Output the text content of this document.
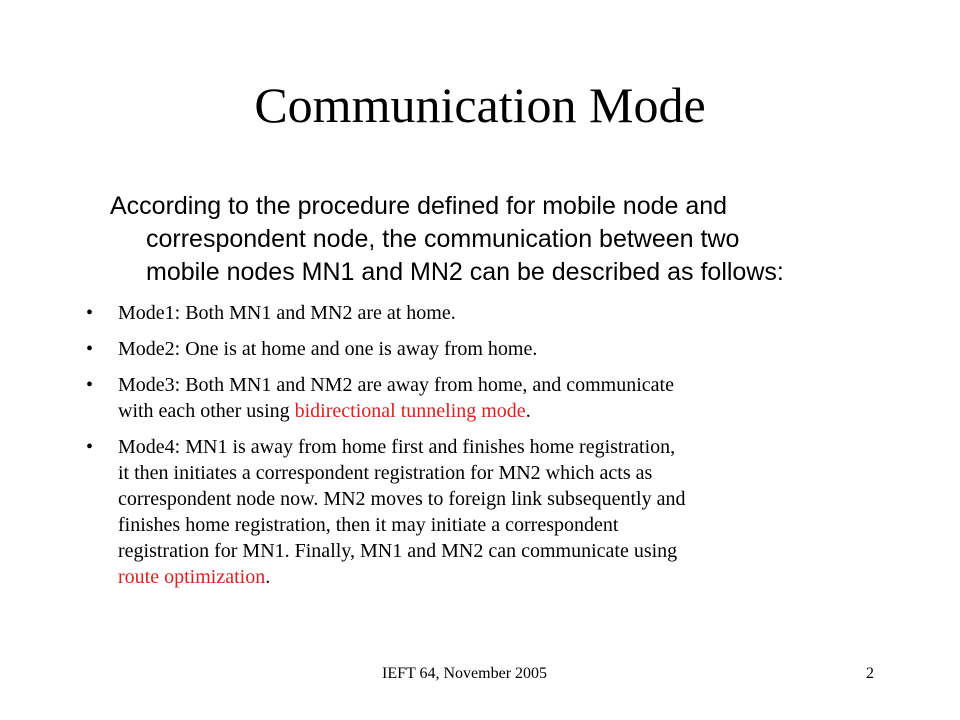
Communication Mode
According to the procedure defined for mobile node and
correspondent node, the communication between two
mobile nodes MN1 and MN2 can be described as follows:
• Mode1: Both MN1 and MN2 are at home.
• Mode2: One is at home and one is away from home.
• Mode3: Both MN1 and NM2 are away from home, and communicate
with each other using bidirectional tunneling mode.
• Mode4: MN1 is away from home first and finishes home registration,
it then initiates a correspondent registration for MN2 which acts as
correspondent node now. MN2 moves to foreign link subsequently and
finishes home registration, then it may initiate a correspondent
registration for MN1. Finally, MN1 and MN2 can communicate using
route optimization.
IEFT 64, November 2005	2
